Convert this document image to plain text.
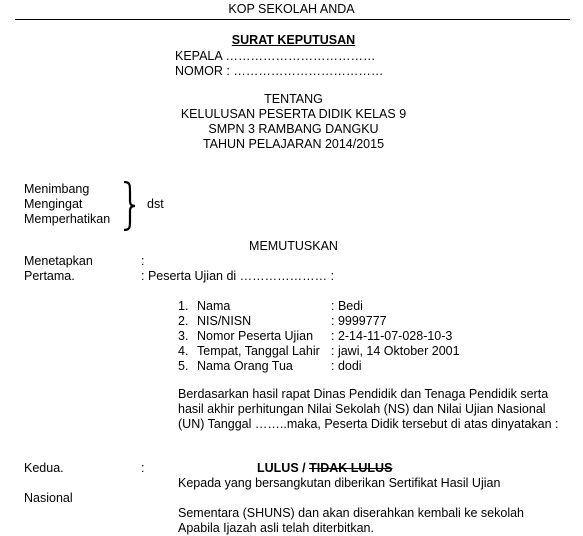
KOP SEKOLAH ANDA
SURAT KEPUTUSAN
KEPALA ………………………………
NOMOR : ………………………………
TENTANG
KELULUSAN PESERTA DIDIK KELAS 9
SMPN 3 RAMBANG DANGKU
TAHUN PELAJARAN 2014/2015
Menimbang
Mengingat
Memperhatikan
dst
MEMUTUSKAN
Menetapkan	:
Pertama.	: Peserta Ujian di ………………… :
1. Nama	: Bedi
2. NIS/NISN	: 9999777
3. Nomor Peserta Ujian : 2-14-11-07-028-10-3
4. Tempat, Tanggal Lahir : jawi, 14 Oktober 2001
5. Nama Orang Tua	: dodi
Berdasarkan hasil rapat Dinas Pendidik dan Tenaga Pendidik serta hasil akhir perhitungan Nilai Sekolah (NS) dan Nilai Ujian Nasional (UN) Tanggal ……..maka, Peserta Didik tersebut di atas dinyatakan :
Kedua.	:	LULUS / TIDAK LULUS
Kepada yang bersangkutan diberikan Sertifikat Hasil Ujian
Nasional
Sementara (SHUNS) dan akan diserahkan kembali ke sekolah
Apabila Ijazah asli telah diterbitkan.
